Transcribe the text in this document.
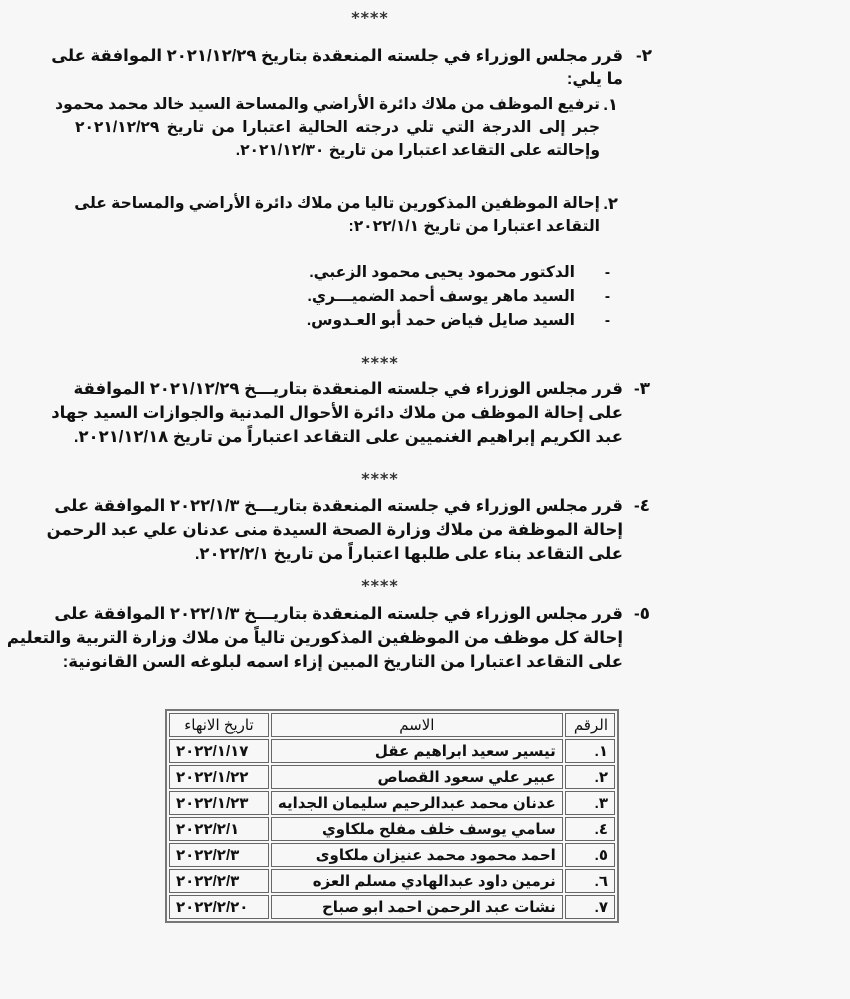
****
٢-
قرر مجلس الوزراء في جلسته المنعقدة بتاريخ ٢٠٢١/١٢/٢٩ الموافقة على
ما يلي:
١.
ترفيع الموظف من ملاك دائرة الأراضي والمساحة السيد خالد محمد محمود
جبر إلى الدرجة التي تلي درجته الحالية اعتبارا من تاريخ ٢٠٢١/١٢/٢٩
وإحالته على التقاعد اعتبارا من تاريخ ٢٠٢١/١٢/٣٠.
٢.
إحالة الموظفين المذكورين تاليا من ملاك دائرة الأراضي والمساحة على
التقاعد اعتبارا من تاريخ ٢٠٢٢/١/١:
-
الدكتور محمود يحيى محمود الزعبي.
-
السيد ماهر يوسف أحمد الضميـــري.
-
السيد صايل فياض حمد أبو العـدوس.
****
٣-
قرر مجلس الوزراء في جلسته المنعقدة بتاريـــخ ٢٠٢١/١٢/٢٩ الموافقة
على إحالة الموظف من ملاك دائرة الأحوال المدنية والجوازات السيد جهاد
عبد الكريم إبراهيم الغنميين على التقاعد اعتباراً من تاريخ ٢٠٢١/١٢/١٨.
****
٤-
قرر مجلس الوزراء في جلسته المنعقدة بتاريـــخ ٢٠٢٢/١/٣ الموافقة على
إحالة الموظفة من ملاك وزارة الصحة السيدة منى عدنان علي عبد الرحمن
على التقاعد بناء على طلبها اعتباراً من تاريخ ٢٠٢٢/٢/١.
****
٥-
قرر مجلس الوزراء في جلسته المنعقدة بتاريـــخ ٢٠٢٢/١/٣ الموافقة على
إحالة كل موظف من الموظفين المذكورين تالياً من ملاك وزارة التربية والتعليم
على التقاعد اعتبارا من التاريخ المبين إزاء اسمه لبلوغه السن القانونية:
الرقم	الاسم	تاريخ الانهاء
١.	تيسير سعيد ابراهيم عقل	٢٠٢٢/١/١٧
٢.	عبير علي سعود القصاص	٢٠٢٢/١/٢٢
٣.	عدنان محمد عبدالرحيم سليمان الجدايه	٢٠٢٢/١/٢٣
٤.	سامي يوسف خلف مفلح ملكاوي	٢٠٢٢/٢/١
٥.	احمد محمود محمد عنيزان ملكاوى	٢٠٢٢/٢/٣
٦.	نرمين داود عبدالهادي مسلم العزه	٢٠٢٢/٢/٣
٧.	نشات عبد الرحمن احمد ابو صباح	٢٠٢٢/٢/٢٠
